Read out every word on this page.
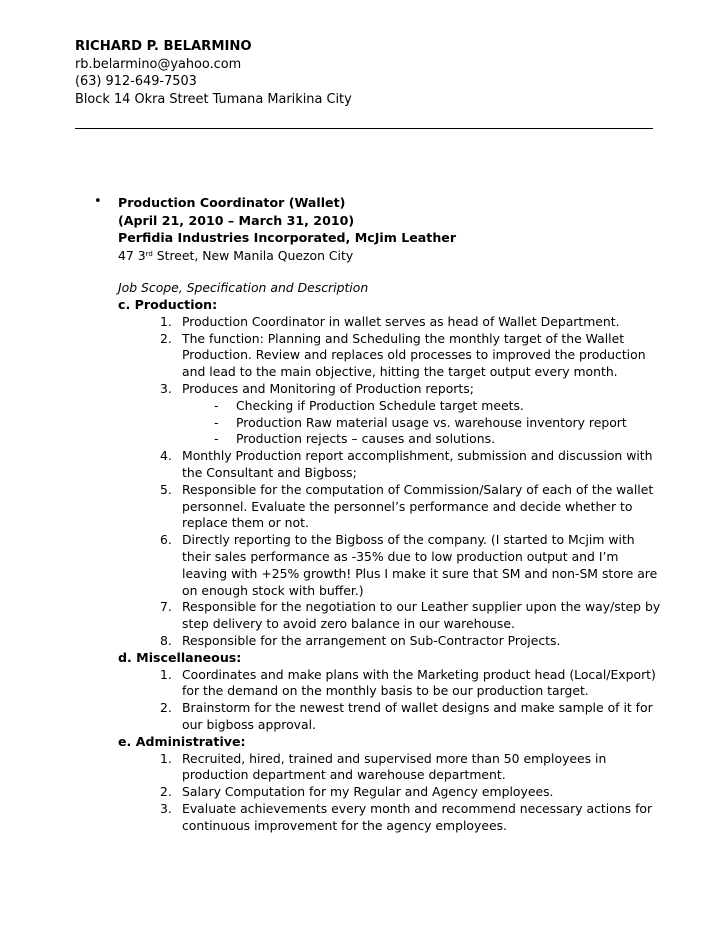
RICHARD P. BELARMINO
rb.belarmino@yahoo.com
(63) 912-649-7503
Block 14 Okra Street Tumana Marikina City
• Production Coordinator (Wallet)
(April 21, 2010 – March 31, 2010)
Perfidia Industries Incorporated, McJim Leather
47 3rd Street, New Manila Quezon City
Job Scope, Specification and Description
c. Production:
1. Production Coordinator in wallet serves as head of Wallet Department.
2. The function: Planning and Scheduling the monthly target of the Wallet
Production. Review and replaces old processes to improved the production
and lead to the main objective, hitting the target output every month.
3. Produces and Monitoring of Production reports;
- Checking if Production Schedule target meets.
- Production Raw material usage vs. warehouse inventory report
- Production rejects – causes and solutions.
4. Monthly Production report accomplishment, submission and discussion with
the Consultant and Bigboss;
5. Responsible for the computation of Commission/Salary of each of the wallet
personnel. Evaluate the personnel’s performance and decide whether to
replace them or not.
6. Directly reporting to the Bigboss of the company. (I started to Mcjim with
their sales performance as -35% due to low production output and I’m
leaving with +25% growth! Plus I make it sure that SM and non-SM store are
on enough stock with buffer.)
7. Responsible for the negotiation to our Leather supplier upon the way/step by
step delivery to avoid zero balance in our warehouse.
8. Responsible for the arrangement on Sub-Contractor Projects.
d. Miscellaneous:
1. Coordinates and make plans with the Marketing product head (Local/Export)
for the demand on the monthly basis to be our production target.
2. Brainstorm for the newest trend of wallet designs and make sample of it for
our bigboss approval.
e. Administrative:
1. Recruited, hired, trained and supervised more than 50 employees in
production department and warehouse department.
2. Salary Computation for my Regular and Agency employees.
3. Evaluate achievements every month and recommend necessary actions for
continuous improvement for the agency employees.
